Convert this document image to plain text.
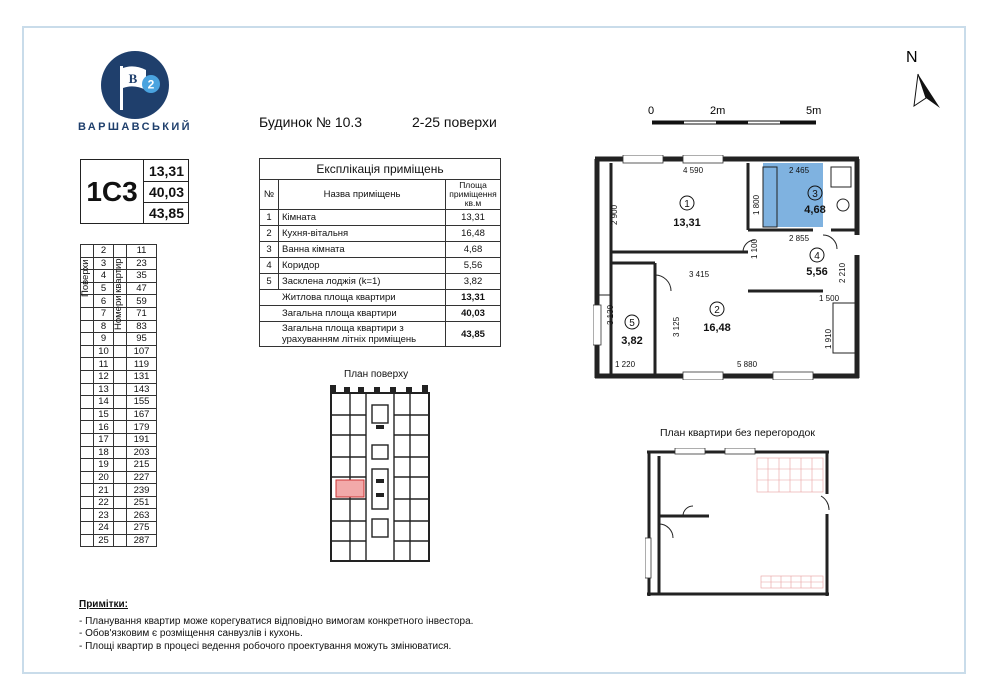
B 2
ВАРШАВСЬКИЙ	Будинок № 10.3	2-25 поверхи
0	2m	5m
N
1C3
13,31
40,03
43,85
	2		11
	3		23
	4		35
	5		47
	6		59
	7		71
	8		83
	9		95
	10		107
	11		119
	12		131
	13		143
	14		155
	15		167
	16		179
	17		191
	18		203
	19		215
	20		227
	21		239
	22		251
	23		263
	24		275
	25		287
Поверхи Номери квартир
Експлікація приміщень		
№	Назва приміщень	Площа приміщення кв.м
1	Кімната	13,31
2	Кухня-вітальня	16,48
3	Ванна кімната	4,68
4	Коридор	5,56
5	Засклена лоджія (k=1)	3,82
Житлова площа квартири		13,31
Загальна площа квартири		40,03
Загальна площа квартири з урахуванням літніх приміщень		43,85
План поверху
4 590	2 465
2 900	1 800
2 855
1 100
3 415	2 210
3 125
3 130
1 500
1 910
5 880
1 220
1
13,31
2
16,48
3
4,68
4
5,56
5
3,82
План квартири без перегородок
Примітки:
- Планування квартир може корегуватися відповідно вимогам конкретного інвестора.
- Обов'язковим є розміщення санвузлів і кухонь.
- Площі квартир в процесі ведення робочого проектування можуть змінюватися.
